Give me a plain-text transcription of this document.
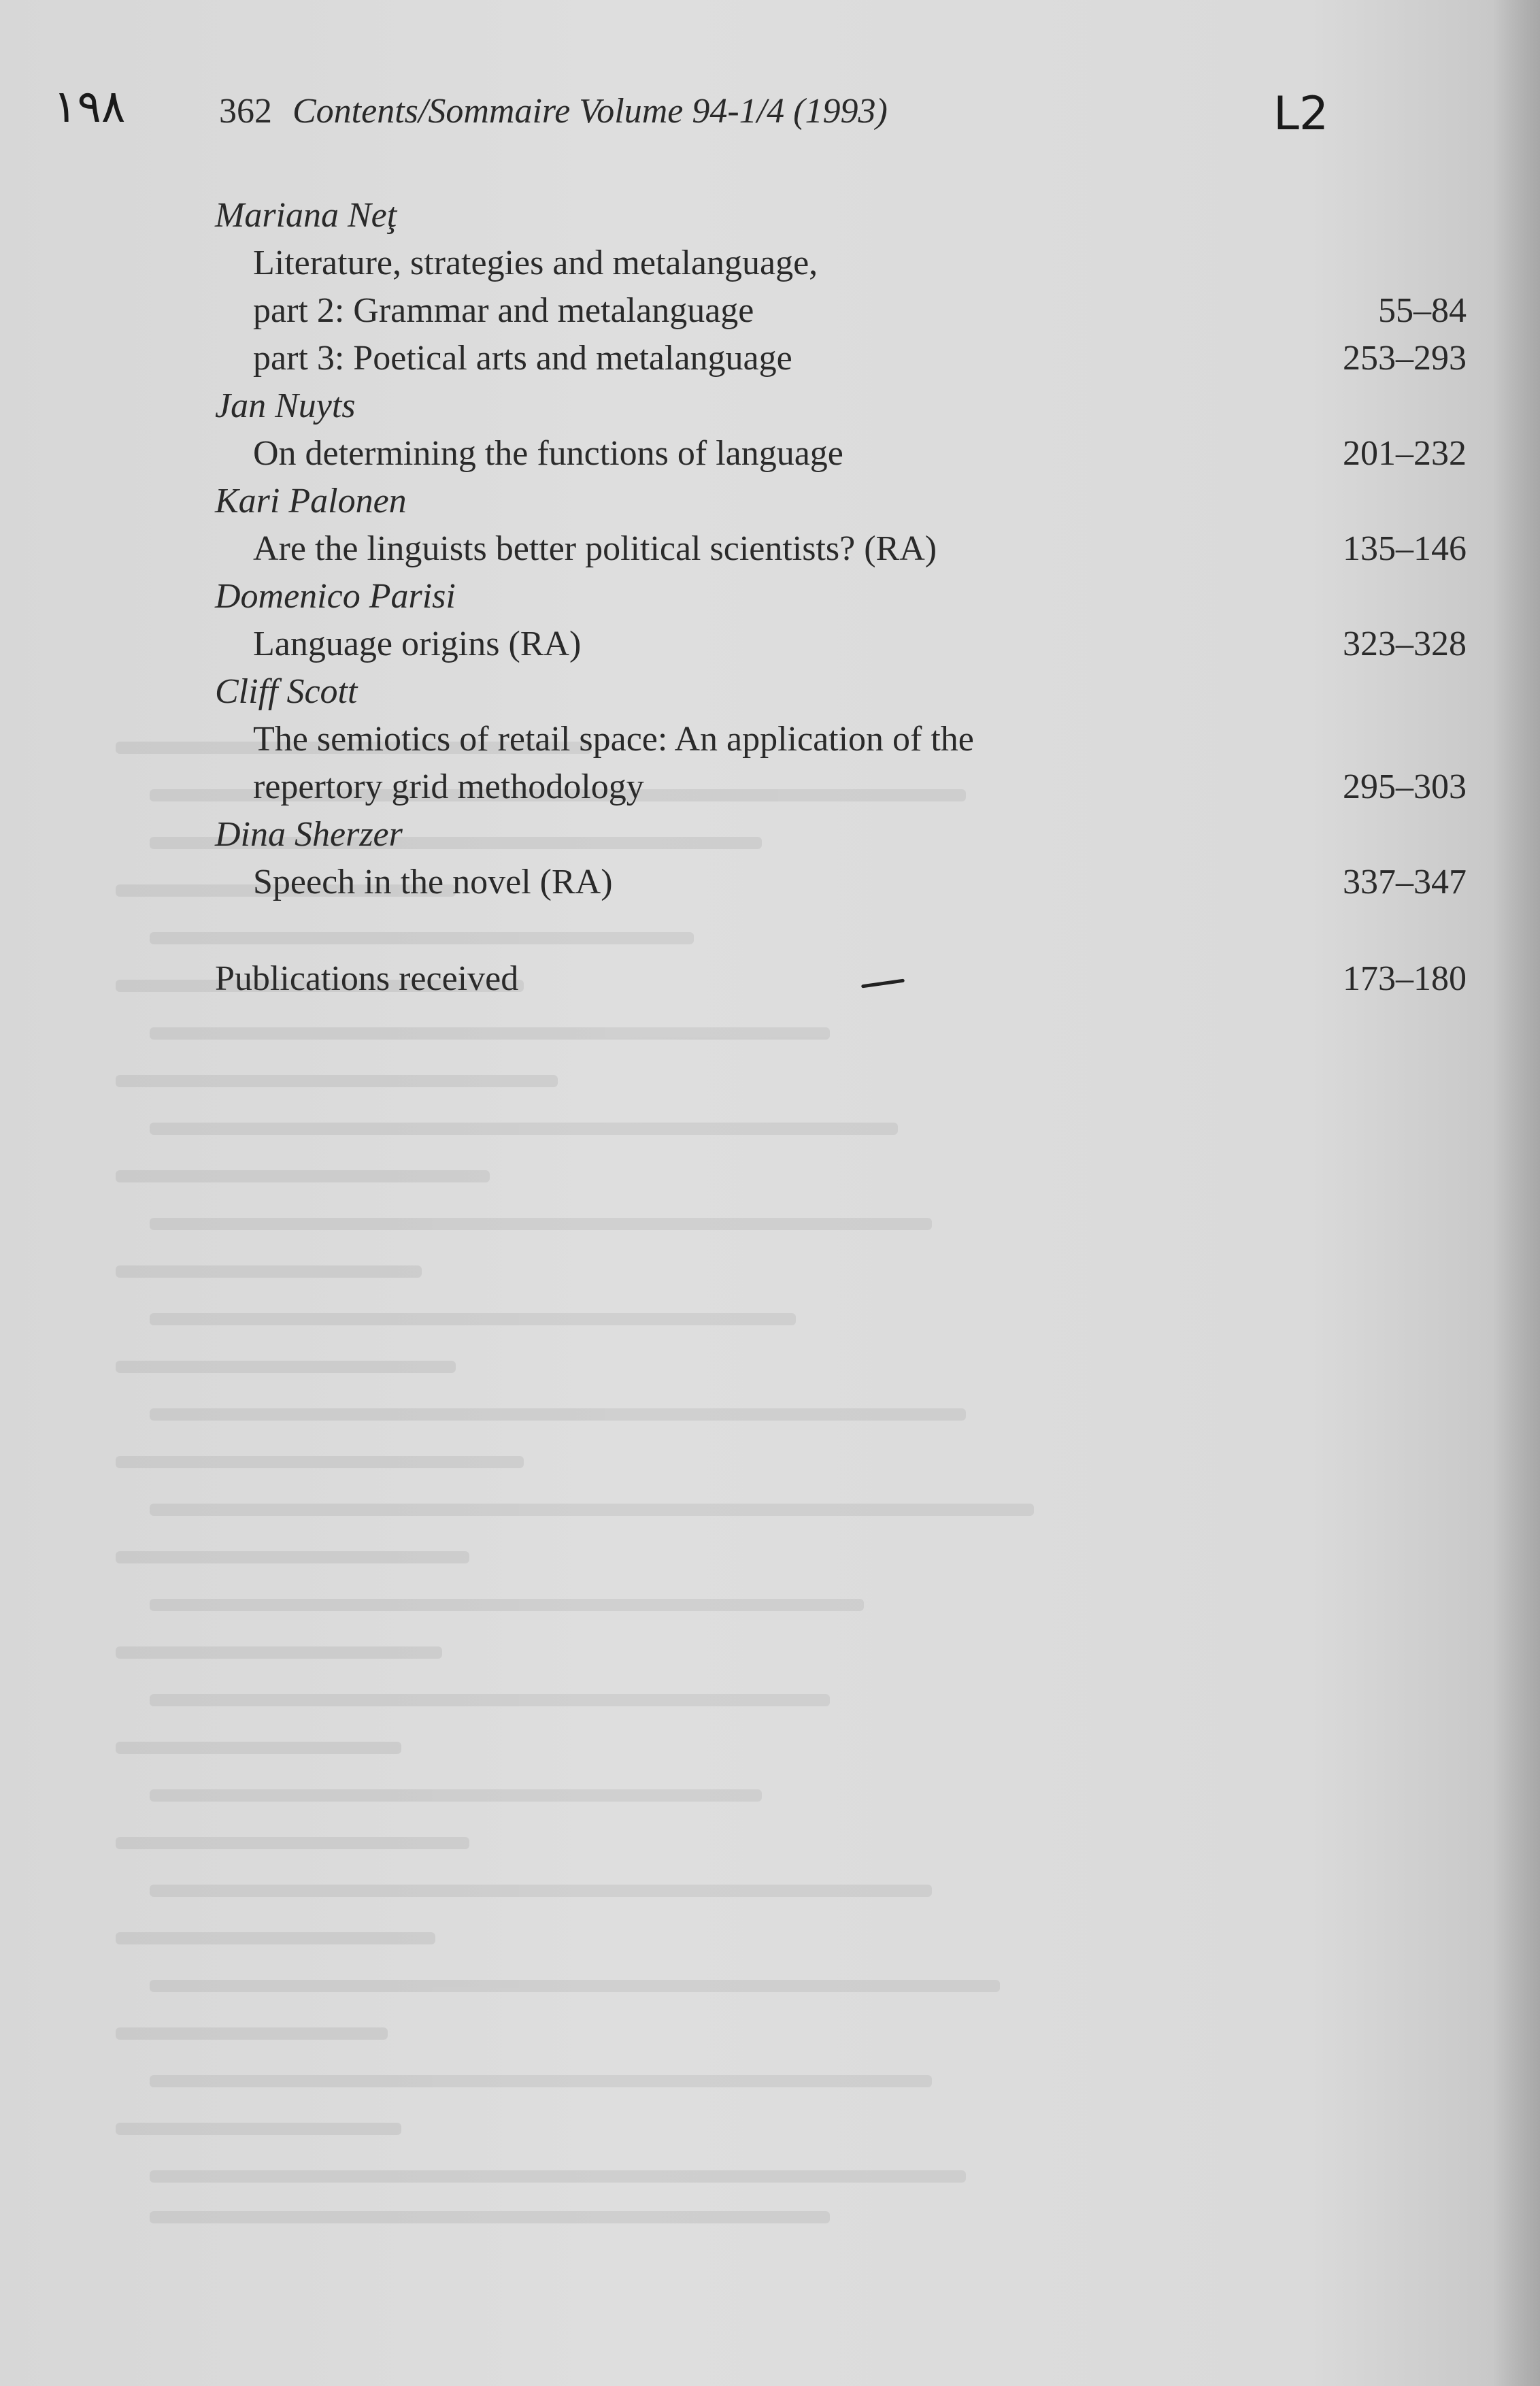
١٩٨	362 Contents/Sommaire Volume 94-1/4 (1993)	L2
Mariana Neţ
Literature, strategies and metalanguage,
part 2: Grammar and metalanguage	55–84
part 3: Poetical arts and metalanguage	253–293
Jan Nuyts
On determining the functions of language	201–232
Kari Palonen
Are the linguists better political scientists? (RA)	135–146
Domenico Parisi
Language origins (RA)	323–328
Cliff Scott
The semiotics of retail space: An application of the
repertory grid methodology	295–303
Dina Sherzer
Speech in the novel (RA)	337–347
Publications received	173–180
